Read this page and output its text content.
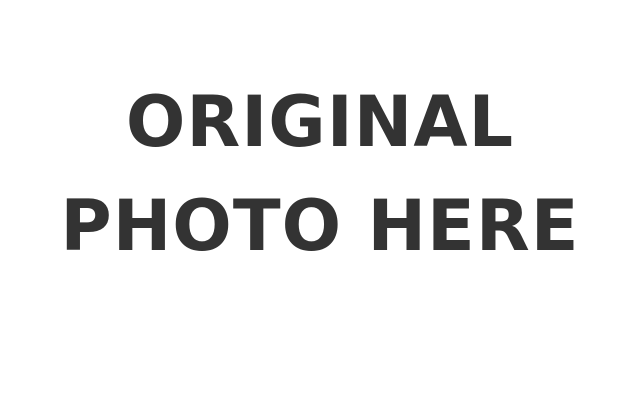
ORIGINAL
PHOTO HERE
